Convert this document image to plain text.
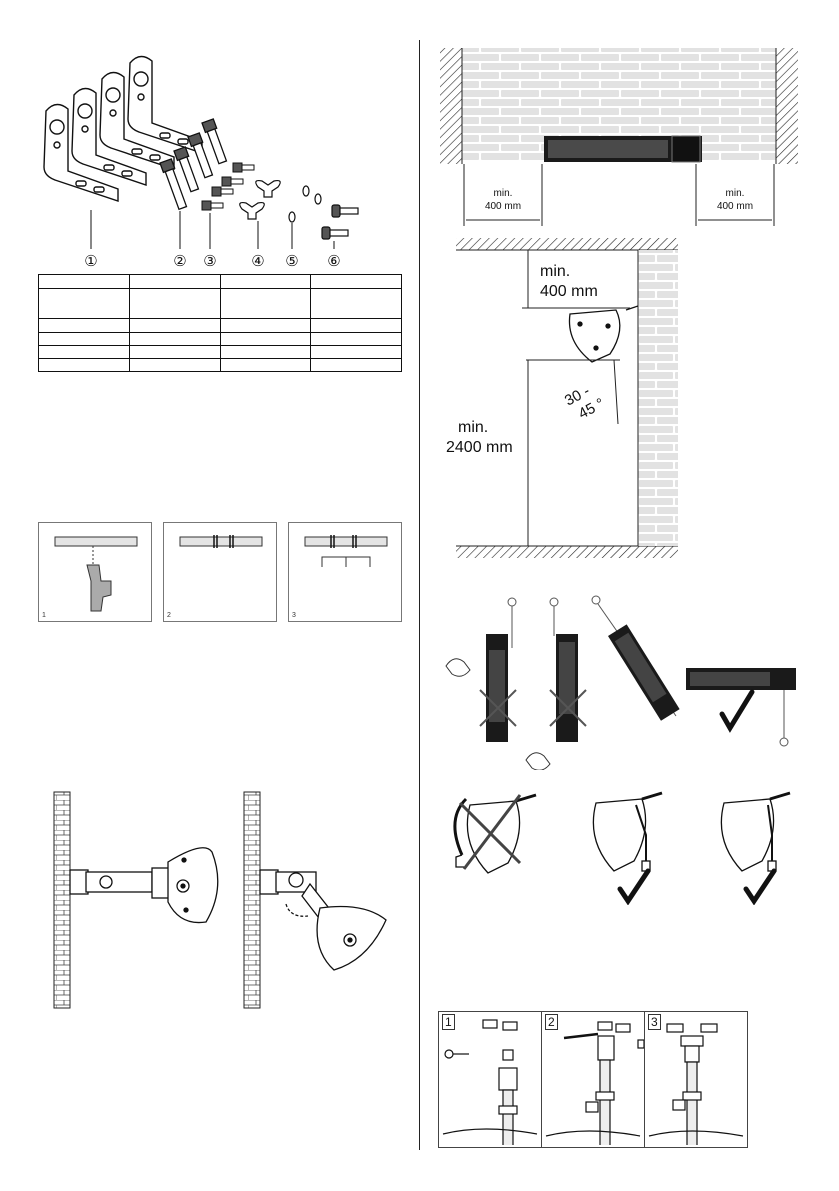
①	② ③ ④ ⑤ ⑥

1	2	3
min.
400 mm
min.
400 mm
min.
400 mm
min.
2400 mm
30 -
45 °
1	2	3
